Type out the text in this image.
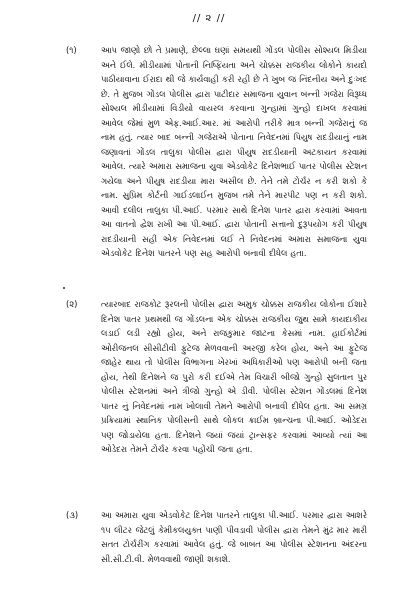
// ૨ //
(૧)	આપ જાણો છો તે પ્રમાણે, છેલ્લા ઘણાં સમયથી ગોંડલ પોલીસ સોશ્યલ મિડીયા અને ઈલે. મીડીયામાં પોતાની નિષ્ફિયતા અને ચોક્કસ રાજકીય લોકોને કાયદો પાઠીયાવાના ઈરાદા થી જે કાર્યવાહી કરી રહી છે તે ખુબ જ નિંદનીય અને દુઃખદ છે. તે મુજબ ગોંડલ પોલીસ દ્વારા પાટીદાર સમાજના યુવાન બન્ની ગજેરા વિરૂધ્ધ સોશ્યલ મીડીયામાં વિડીયો વાયરલ કરવાના ગુન્હામાં ગુન્હો દાખલ કરવામાં આવેલ જેમાં મુળ એફ.આઈ.આર. માં આરોપી તરીકે માત્ર બન્ની ગજેરાનું જ નામ હતું. ત્યાર બાદ બન્ની ગજેરાએ પોતાના નિવેદનમાં પિયુષ રાદડીયાનું નામ જણાવતાં ગોંડલ તાલુકા પોલીસ દ્વારા પીયુષ રાદડીયાની અટકાયત કરવામાં આવેલ. ત્યારે અમારા સમાજના યુવા એડવોકેટ દિનેશભાઈ પાતર પોલીસ સ્ટેશન ગયેલા અને પીયુષ રાદડીયા મારા અસીલ છે. તેને તમે ટોર્ચર ન કરી શકો કે નામ. સુપ્રિમ કોર્ટની ગાઈડલાઈન મુજબ તમે તેને મારપીટ પણ ન કરી શકો. આવી દલીલ તાલુકા પી.આઈ. પરમાર સાથે દિનેશ પાતર દ્વારા કરવામાં આવતા આ વાતનો દ્વેશ રાખી આ પી.આઈ. દ્વારા પોતાની સત્તાનો દુરૂપયોગ કરી પીયુષ રાદડીયાની સહી એક નિવેદનમાં લઈ તે નિવેદનમાં અમારા સમાજના યુવા એડવોકેટ દિનેશ પાતરને પણ સહ આરોપી બનાવી દીધેલ હતા.
(૨)	ત્યારબાદ રાજકોટ રૂરલની પોલીસ દ્વારા અમુક ચોક્કસ રાજકીય લોકોના ઈશારે દિનેશ પાતર પ્રથમથી જ ગોંડલના એક ચોક્કસ રાજકીય જુથ સામે કાયદાકીય લડાઈ લડી રહ્યો હોય, અને રાજકુમાર જાટના કેસમાં નામ. હાઈકોર્ટમાં ઓરીજનલ સીસીટીવી ફુટેજ મેળવવાની અરજી કરેલ હોય, અને આ ફુટેજ જાહેર થાય તો પોલીસ વિભાગના ખેરખાં અધિકારીઓ પણ આરોપી બની જતા હોય, તેથી દિનેશને જ પુરો કરી દઈએ તેમ વિચારી બીજો ગુન્હો સુલતાન પુર પોલીસ સ્ટેશનમાં અને ત્રીજો ગુન્હો એ ડીવી. પોલીસ સ્ટેશન ગોંડલમાં દિનેશ પાતર નું નિવેદનમાં નામ ખોલાવી તેમને આરોપી બનાવી દીધેલ હતા. આ સમગ્ર પ્રક્રિયામાં સ્થાનિક પોલીસની સાથે લોકલ ક્રાઈમ બ્રાન્ચના પી.આઈ. ઓડેદરા પણ જોડાયેલા હતા. દિનેશને જયાં જયાં ટ્રાન્સફર કરવામાં આવ્યો ત્યાં આ ઓડેદરા તેમને ટોર્ચર કરવા પહોંચી જતા હતા.
(૩)	આ અમારા યુવા એડવોકેટ દિનેશ પાતરને તાલુકા પી.આઈ. પરમાર દ્વારા આશરે ૧૫ લીટર જેટલું કેમીકલયુક્ત પાણી પીવડાવી પોલીસ દ્વારા તેમને મુંઢ માર મારી સતત ટોર્ચરીંગ કરવામાં આવેલ હતું. જે બાબત આ પોલીસ સ્ટેશનના અંદરના સી.સી.ટી.વી. મેળવવાથી જાણી શકાશે.
